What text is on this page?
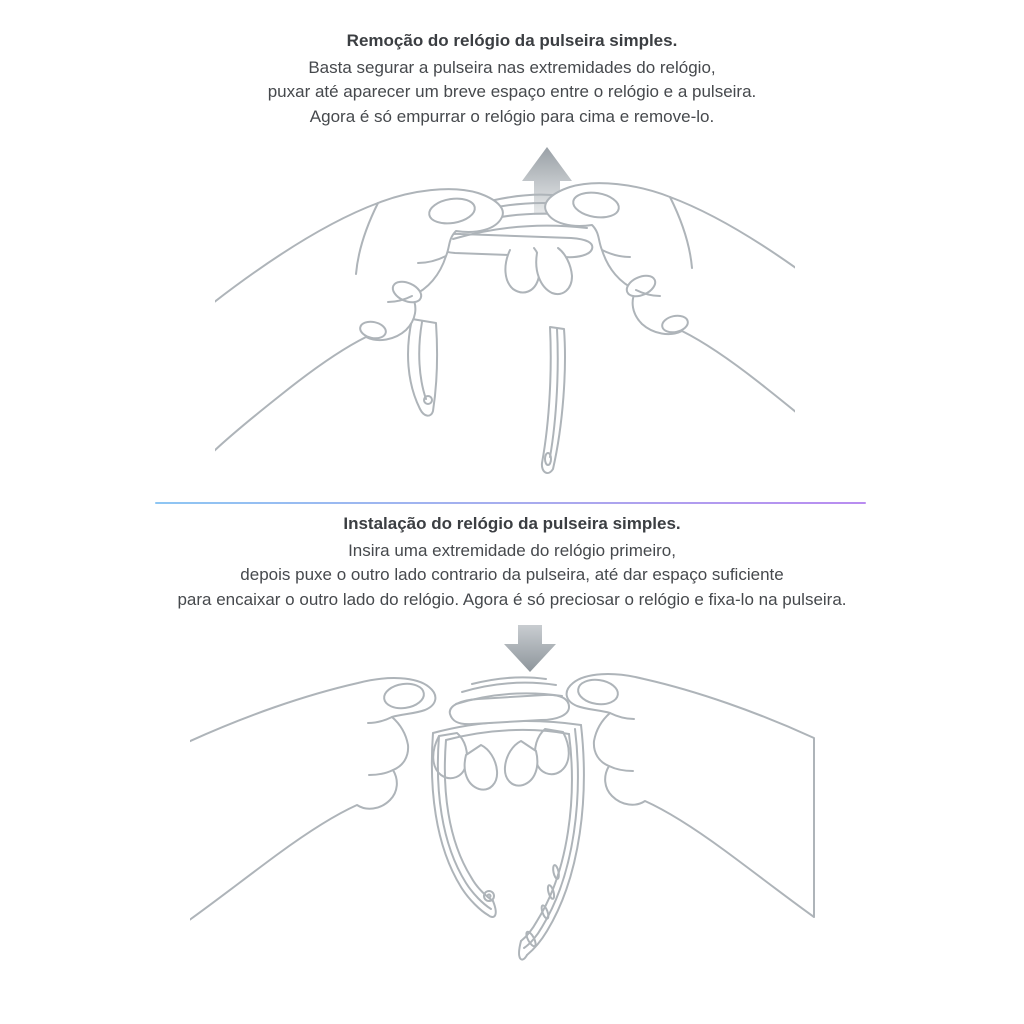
Remoção do relógio da pulseira simples.

Basta segurar a pulseira nas extremidades do relógio,

puxar até aparecer um breve espaço entre o relógio e a pulseira.

Agora é só empurrar o relógio para cima e remove-lo.

Instalação do relógio da pulseira simples.

Insira uma extremidade do relógio primeiro,

depois puxe o outro lado contrario da pulseira, até dar espaço suficiente

para encaixar o outro lado do relógio. Agora é só preciosar o relógio e fixa-lo na pulseira.
